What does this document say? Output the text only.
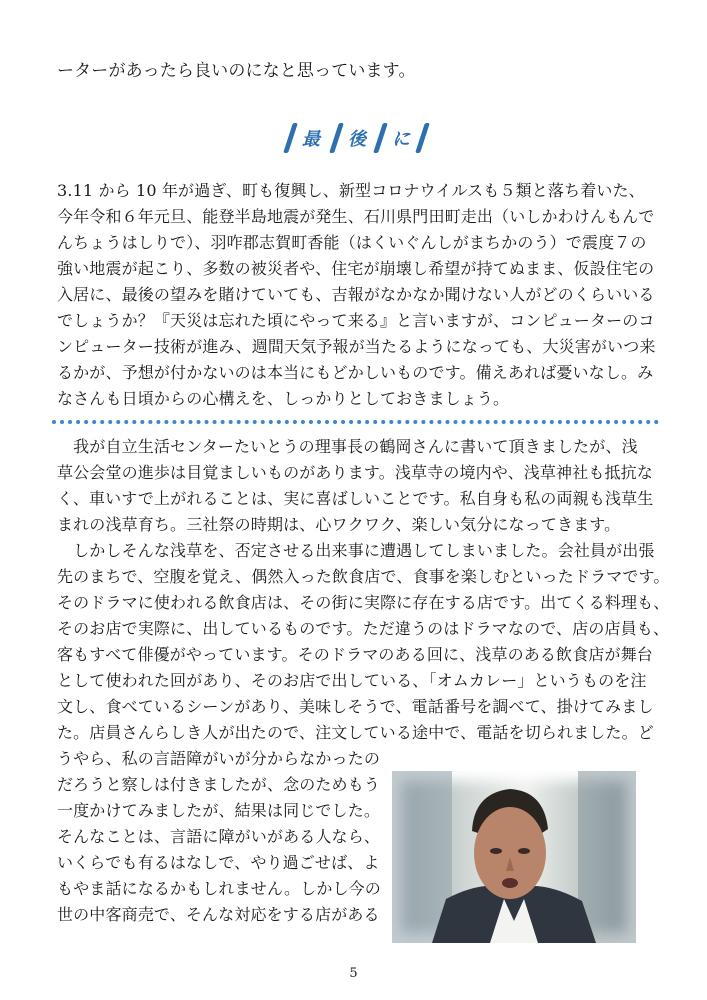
ーターがあったら良いのになと思っています。
最 後 に
3.11 から 10 年が過ぎ、町も復興し、新型コロナウイルスも５類と落ち着いた、
今年令和６年元旦、能登半島地震が発生、石川県門田町走出（いしかわけんもんで
んちょうはしりで）、羽咋郡志賀町香能（はくいぐんしがまちかのう）で震度７の
強い地震が起こり、多数の被災者や、住宅が崩壊し希望が持てぬまま、仮設住宅の
入居に、最後の望みを賭けていても、吉報がなかなか聞けない人がどのくらいいる
でしょうか？『天災は忘れた頃にやって来る』と言いますが、コンピューターのコ
ンピューター技術が進み、週間天気予報が当たるようになっても、大災害がいつ来
るかが、予想が付かないのは本当にもどかしいものです。備えあれば憂いなし。み
なさんも日頃からの心構えを、しっかりとしておきましょう。
　我が自立生活センターたいとうの理事長の鶴岡さんに書いて頂きましたが、浅
草公会堂の進歩は目覚ましいものがあります。浅草寺の境内や、浅草神社も抵抗な
く、車いすで上がれることは、実に喜ばしいことです。私自身も私の両親も浅草生
まれの浅草育ち。三社祭の時期は、心ワクワク、楽しい気分になってきます。
　しかしそんな浅草を、否定させる出来事に遭遇してしまいました。会社員が出張
先のまちで、空腹を覚え、偶然入った飲食店で、食事を楽しむといったドラマです。
そのドラマに使われる飲食店は、その街に実際に存在する店です。出てくる料理も、
そのお店で実際に、出しているものです。ただ違うのはドラマなので、店の店員も、
客もすべて俳優がやっています。そのドラマのある回に、浅草のある飲食店が舞台
として使われた回があり、そのお店で出している、「オムカレー」というものを注
文し、食べているシーンがあり、美味しそうで、電話番号を調べて、掛けてみまし
た。店員さんらしき人が出たので、注文している途中で、電話を切られました。ど
うやら、私の言語障がいが分からなかったの
だろうと察しは付きましたが、念のためもう
一度かけてみましたが、結果は同じでした。
そんなことは、言語に障がいがある人なら、
いくらでも有るはなしで、やり過ごせば、よ
もやま話になるかもしれません。しかし今の
世の中客商売で、そんな対応をする店がある
5
